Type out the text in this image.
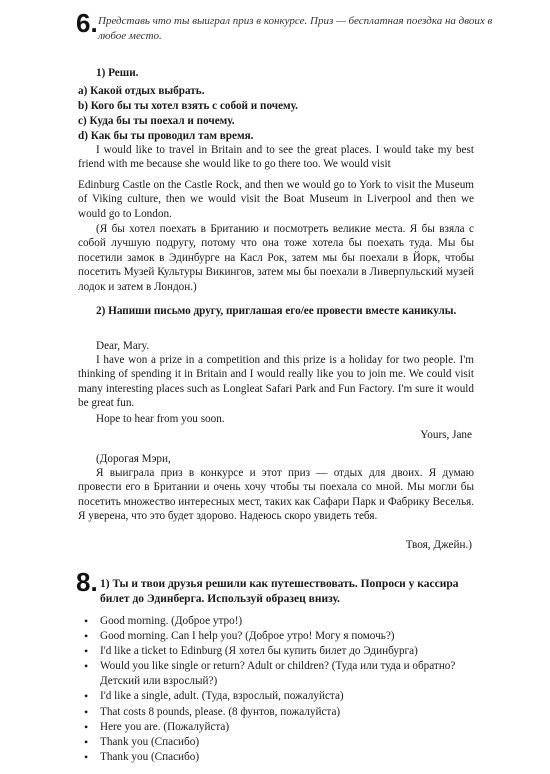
6. Представь что ты выиграл приз в конкурсе. Приз — бесплатная поездка на двоих в любое место.
1) Реши.
a) Какой отдых выбрать.
b) Кого бы ты хотел взять с собой и почему.
c) Куда бы ты поехал и почему.
d) Как бы ты проводил там время.
I would like to travel in Britain and to see the great places. I would take my best friend with me because she would like to go there too. We would visit
Edinburg Castle on the Castle Rock, and then we would go to York to visit the Museum of Viking culture, then we would visit the Boat Museum in Liverpool and then we would go to London.
(Я бы хотел поехать в Британию и посмотреть великие места. Я бы взяла с собой лучшую подругу, потому что она тоже хотела бы поехать туда. Мы бы посетили замок в Эдинбурге на Касл Рок, затем мы бы поехали в Йорк, чтобы посетить Музей Культуры Викингов, затем мы бы поехали в Ливерпульский музей лодок и затем в Лондон.)
2) Напиши письмо другу, приглашая его/ее провести вместе каникулы.
Dear, Mary.
I have won a prize in a competition and this prize is a holiday for two people. I'm thinking of spending it in Britain and I would really like you to join me. We could visit many interesting places such as Longleat Safari Park and Fun Factory. I'm sure it would be great fun.
Hope to hear from you soon.
Yours, Jane
(Дорогая Мэри,
Я выиграла приз в конкурсе и этот приз — отдых для двоих. Я думаю провести его в Британии и очень хочу чтобы ты поехала со мной. Мы могли бы посетить множество интересных мест, таких как Сафари Парк и Фабрику Веселья. Я уверена, что это будет здорово. Надеюсь скоро увидеть тебя.
Твоя, Джейн.)
8. 1) Ты и твои друзья решили как путешествовать. Попроси у кассира билет до Эдинберга. Используй образец внизу.
• Good morning. (Доброе утро!)
• Good morning. Can I help you? (Доброе утро! Могу я помочь?)
• I'd like a ticket to Edinburg (Я хотел бы купить билет до Эдинбурга)
• Would you like single or return? Adult or children? (Туда или туда и обратно? Детский или взрослый?)
• I'd like a single, adult. (Туда, взрослый, пожалуйста)
• That costs 8 pounds, please. (8 фунтов, пожалуйста)
• Here you are. (Пожалуйста)
• Thank you (Спасибо)
• Thank you (Спасибо)
